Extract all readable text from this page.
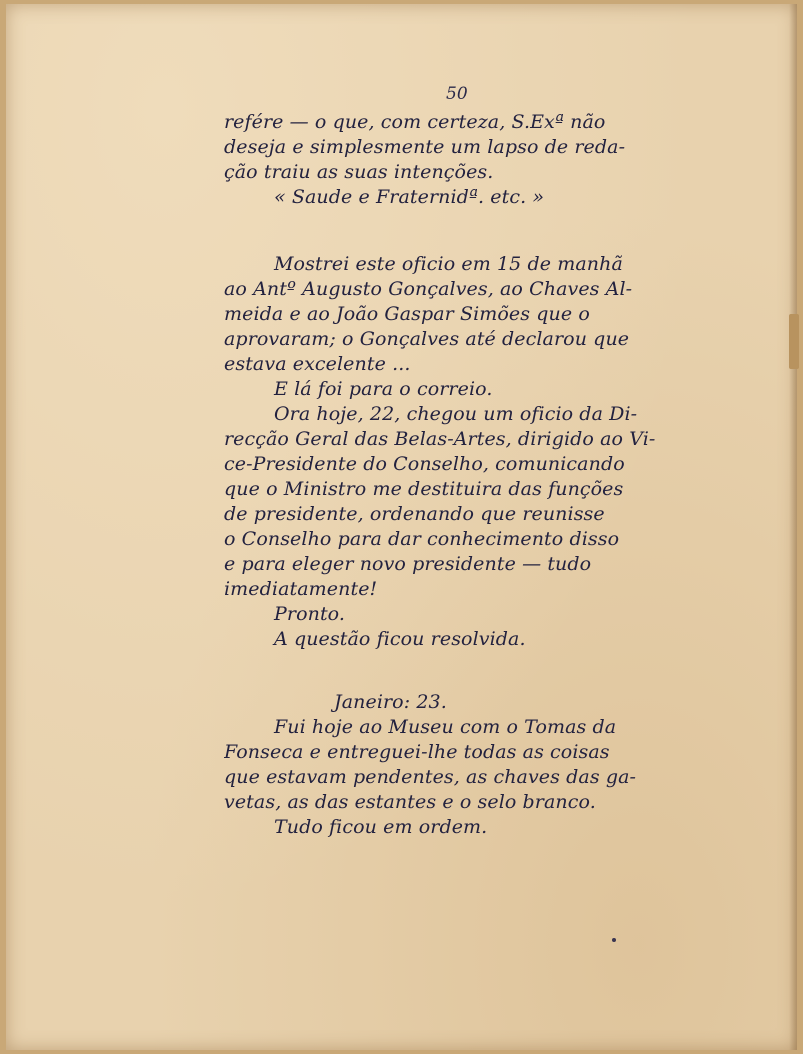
50
refére — o que, com certeza, S.Exª não
deseja e simplesmente um lapso de reda-
ção traiu as suas intenções.
« Saude e Fraternidª. etc. »
Mostrei este oficio em 15 de manhã
ao Antº Augusto Gonçalves, ao Chaves Al-
meida e ao João Gaspar Simões que o
aprovaram; o Gonçalves até declarou que
estava excelente ...
E lá foi para o correio.
Ora hoje, 22, chegou um oficio da Di-
recção Geral das Belas-Artes, dirigido ao Vi-
ce-Presidente do Conselho, comunicando
que o Ministro me destituira das funções
de presidente, ordenando que reunisse
o Conselho para dar conhecimento disso
e para eleger novo presidente — tudo
imediatamente!
Pronto.
A questão ficou resolvida.
Janeiro: 23.
Fui hoje ao Museu com o Tomas da
Fonseca e entreguei-lhe todas as coisas
que estavam pendentes, as chaves das ga-
vetas, as das estantes e o selo branco.
Tudo ficou em ordem.
